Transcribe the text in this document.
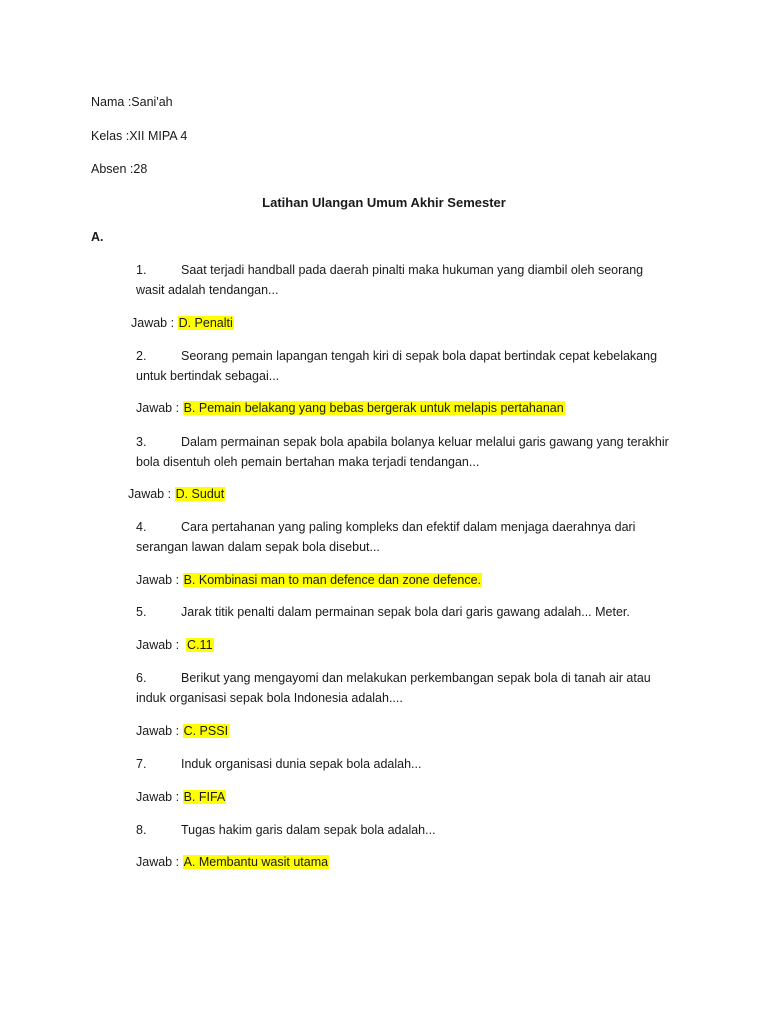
Nama :Sani'ah
Kelas :XII MIPA 4
Absen :28
Latihan Ulangan Umum Akhir Semester
A.
1.	Saat terjadi handball pada daerah pinalti maka hukuman yang diambil oleh seorang
wasit adalah tendangan...
Jawab : D. Penalti
2.	Seorang pemain lapangan tengah kiri di sepak bola dapat bertindak cepat kebelakang
untuk bertindak sebagai...
Jawab : B. Pemain belakang yang bebas bergerak untuk melapis pertahanan
3.	Dalam permainan sepak bola apabila bolanya keluar melalui garis gawang yang terakhir
bola disentuh oleh pemain bertahan maka terjadi tendangan...
Jawab : D. Sudut
4.	Cara pertahanan yang paling kompleks dan efektif dalam menjaga daerahnya dari
serangan lawan dalam sepak bola disebut...
Jawab : B. Kombinasi man to man defence dan zone defence.
5.	Jarak titik penalti dalam permainan sepak bola dari garis gawang adalah... Meter.
Jawab : C.11
6.	Berikut yang mengayomi dan melakukan perkembangan sepak bola di tanah air atau
induk organisasi sepak bola Indonesia adalah....
Jawab : C. PSSI
7.	Induk organisasi dunia sepak bola adalah...
Jawab : B. FIFA
8.	Tugas hakim garis dalam sepak bola adalah...
Jawab : A. Membantu wasit utama
